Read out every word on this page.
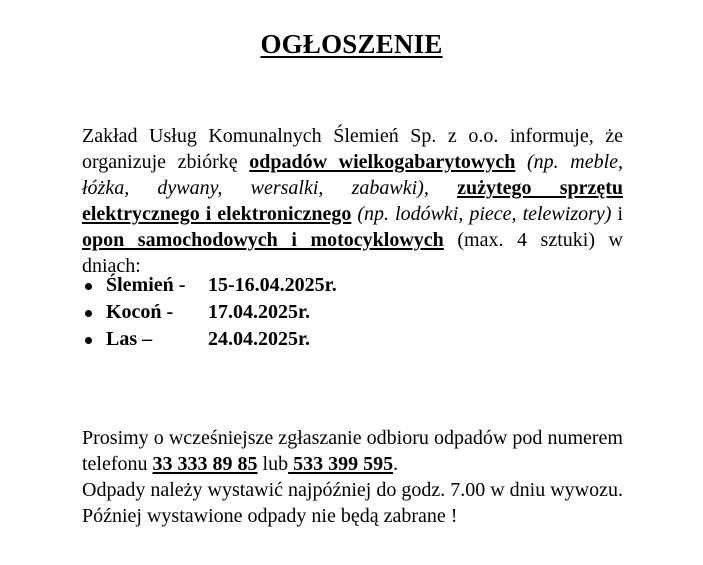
OGŁOSZENIE

Zakład Usług Komunalnych Ślemień Sp. z o.o. informuje, że organizuje zbiórkę odpadów wielkogabarytowych (np. meble, łóżka, dywany, wersalki, zabawki), zużytego sprzętu elektrycznego i elektronicznego (np. lodówki, piece, telewizory) i opon samochodowych i motocyklowych (max. 4 sztuki) w dniach:

Ślemień - 15-16.04.2025r.
Kocoń - 17.04.2025r.
Las –	24.04.2025r.

Prosimy o wcześniejsze zgłaszanie odbioru odpadów pod numerem telefonu 33 333 89 85 lub 533 399 595.
Odpady należy wystawić najpóźniej do godz. 7.00 w dniu wywozu. Później wystawione odpady nie będą zabrane !
